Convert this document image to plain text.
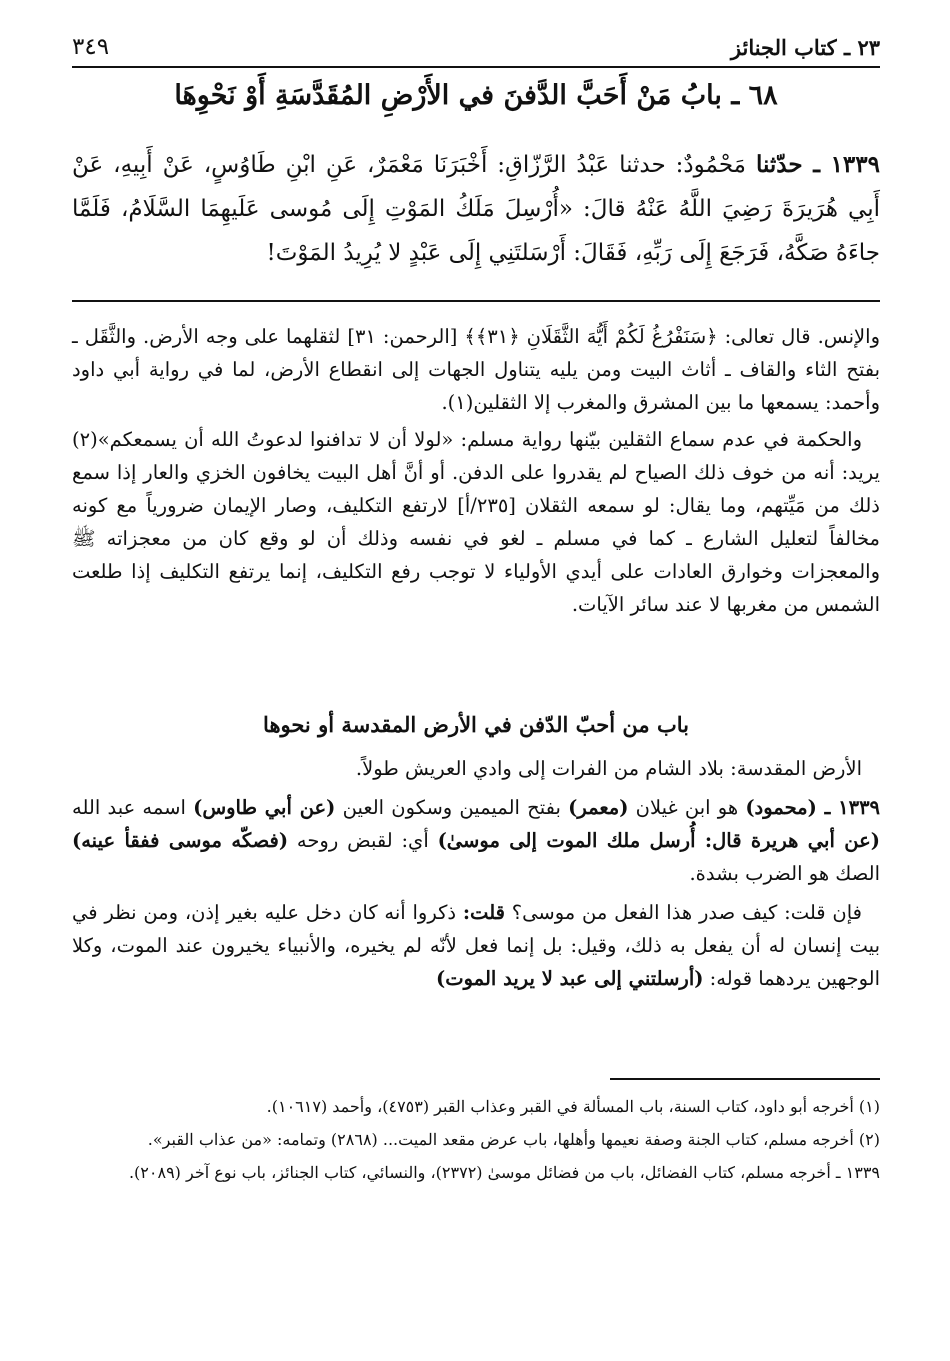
٢٣ ـ كتاب الجنائز
٣٤٩
٦٨ ـ بابُ مَنْ أَحَبَّ الدَّفنَ في الأَرْضِ المُقَدَّسَةِ أَوْ نَحْوِهَا
١٣٣٩ ـ حدّثنا مَحْمُودٌ: حدثنا عَبْدُ الرَّزّاقِ: أَخْبَرَنَا مَعْمَرٌ، عَنِ ابْنِ طَاوُسٍ، عَنْ أَبِيهِ، عَنْ أَبِي هُرَيرَةَ رَضِيَ اللَّهُ عَنْهُ قالَ: «أُرْسِلَ مَلَكُ المَوْتِ إِلَى مُوسى عَلَيهِمَا السَّلَامُ، فَلَمَّا جاءَهُ صَكَّهُ، فَرَجَعَ إِلَى رَبِّهِ، فَقَالَ: أَرْسَلتَنِي إِلَى عَبْدٍ لا يُرِيدُ المَوْتَ!

والإنس. قال تعالى: ﴿سَنَفْرُغُ لَكُمْ أَيُّهَ الثَّقَلَانِ ﴿٣١﴾﴾ [الرحمن: ٣١] لثقلهما على وجه الأرض. والثَّقَل ـ بفتح الثاء والقاف ـ أثاث البيت ومن يليه يتناول الجهات إلى انقطاع الأرض، لما في رواية أبي داود وأحمد: يسمعها ما بين المشرق والمغرب إلا الثقلين(١).

والحكمة في عدم سماع الثقلين بيّنها رواية مسلم: «لولا أن لا تدافنوا لدعوتُ الله أن يسمعكم»(٢) يريد: أنه من خوف ذلك الصياح لم يقدروا على الدفن. أو أنَّ أهل البيت يخافون الخزي والعار إذا سمع ذلك من مَيِّتهم، وما يقال: لو سمعه الثقلان [٢٣٥/أ] لارتفع التكليف، وصار الإيمان ضرورياً مع كونه مخالفاً لتعليل الشارع ـ كما في مسلم ـ لغو في نفسه وذلك أن لو وقع كان من معجزاته ﷺ والمعجزات وخوارق العادات على أيدي الأولياء لا توجب رفع التكليف، إنما يرتفع التكليف إذا طلعت الشمس من مغربها لا عند سائر الآيات.

باب من أحبّ الدّفن في الأرض المقدسة أو نحوها

الأرض المقدسة: بلاد الشام من الفرات إلى وادي العريش طولاً.

١٣٣٩ ـ (محمود) هو ابن غيلان (معمر) بفتح الميمين وسكون العين (عن أبي طاوس) اسمه عبد الله (عن أبي هريرة قال: أُرسل ملك الموت إلى موسىٰ) أي: لقبض روحه (فصكّه موسى ففقأ عينه) الصك هو الضرب بشدة.

فإن قلت: كيف صدر هذا الفعل من موسى؟ قلت: ذكروا أنه كان دخل عليه بغير إذن، ومن نظر في بيت إنسان له أن يفعل به ذلك، وقيل: بل إنما فعل لأنّه لم يخيره، والأنبياء يخيرون عند الموت، وكلا الوجهين يردهما قوله: (أرسلتني إلى عبد لا يريد الموت)

(١) أخرجه أبو داود، كتاب السنة، باب المسألة في القبر وعذاب القبر (٤٧٥٣)، وأحمد (١٠٦١٧).

(٢) أخرجه مسلم، كتاب الجنة وصفة نعيمها وأهلها، باب عرض مقعد الميت... (٢٨٦٨) وتمامه: «من عذاب القبر».

١٣٣٩ ـ أخرجه مسلم، كتاب الفضائل، باب من فضائل موسىٰ (٢٣٧٢)، والنسائي، كتاب الجنائز، باب نوع آخر (٢٠٨٩).
